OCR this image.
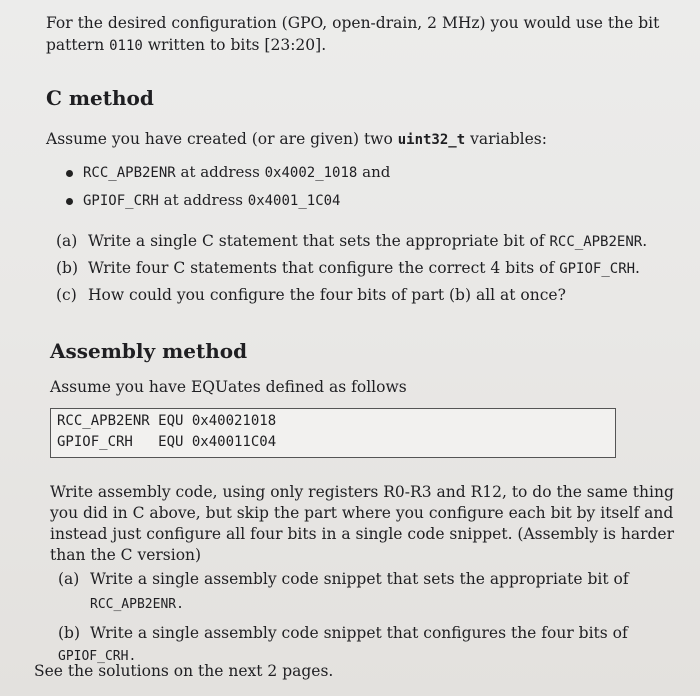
For the desired configuration (GPO, open-drain, 2 MHz) you would use the bit
pattern 0110 written to bits [23:20].
C method
Assume you have created (or are given) two uint32_t variables:
RCC_APB2ENR at address 0x4002_1018 and
GPIOF_CRH at address 0x4001_1C04
(a) Write a single C statement that sets the appropriate bit of RCC_APB2ENR.
(b) Write four C statements that configure the correct 4 bits of GPIOF_CRH.
(c) How could you configure the four bits of part (b) all at once?
Assembly method
Assume you have EQUates defined as follows
RCC_APB2ENR EQU 0x40021018
GPIOF_CRH   EQU 0x40011C04
Write assembly code, using only registers R0-R3 and R12, to do the same thing
you did in C above, but skip the part where you configure each bit by itself and
instead just configure all four bits in a single code snippet. (Assembly is harder
than the C version)
(a) Write a single assembly code snippet that sets the appropriate bit of
RCC_APB2ENR.
(b) Write a single assembly code snippet that configures the four bits of GPIOF_CRH.
See the solutions on the next 2 pages.
